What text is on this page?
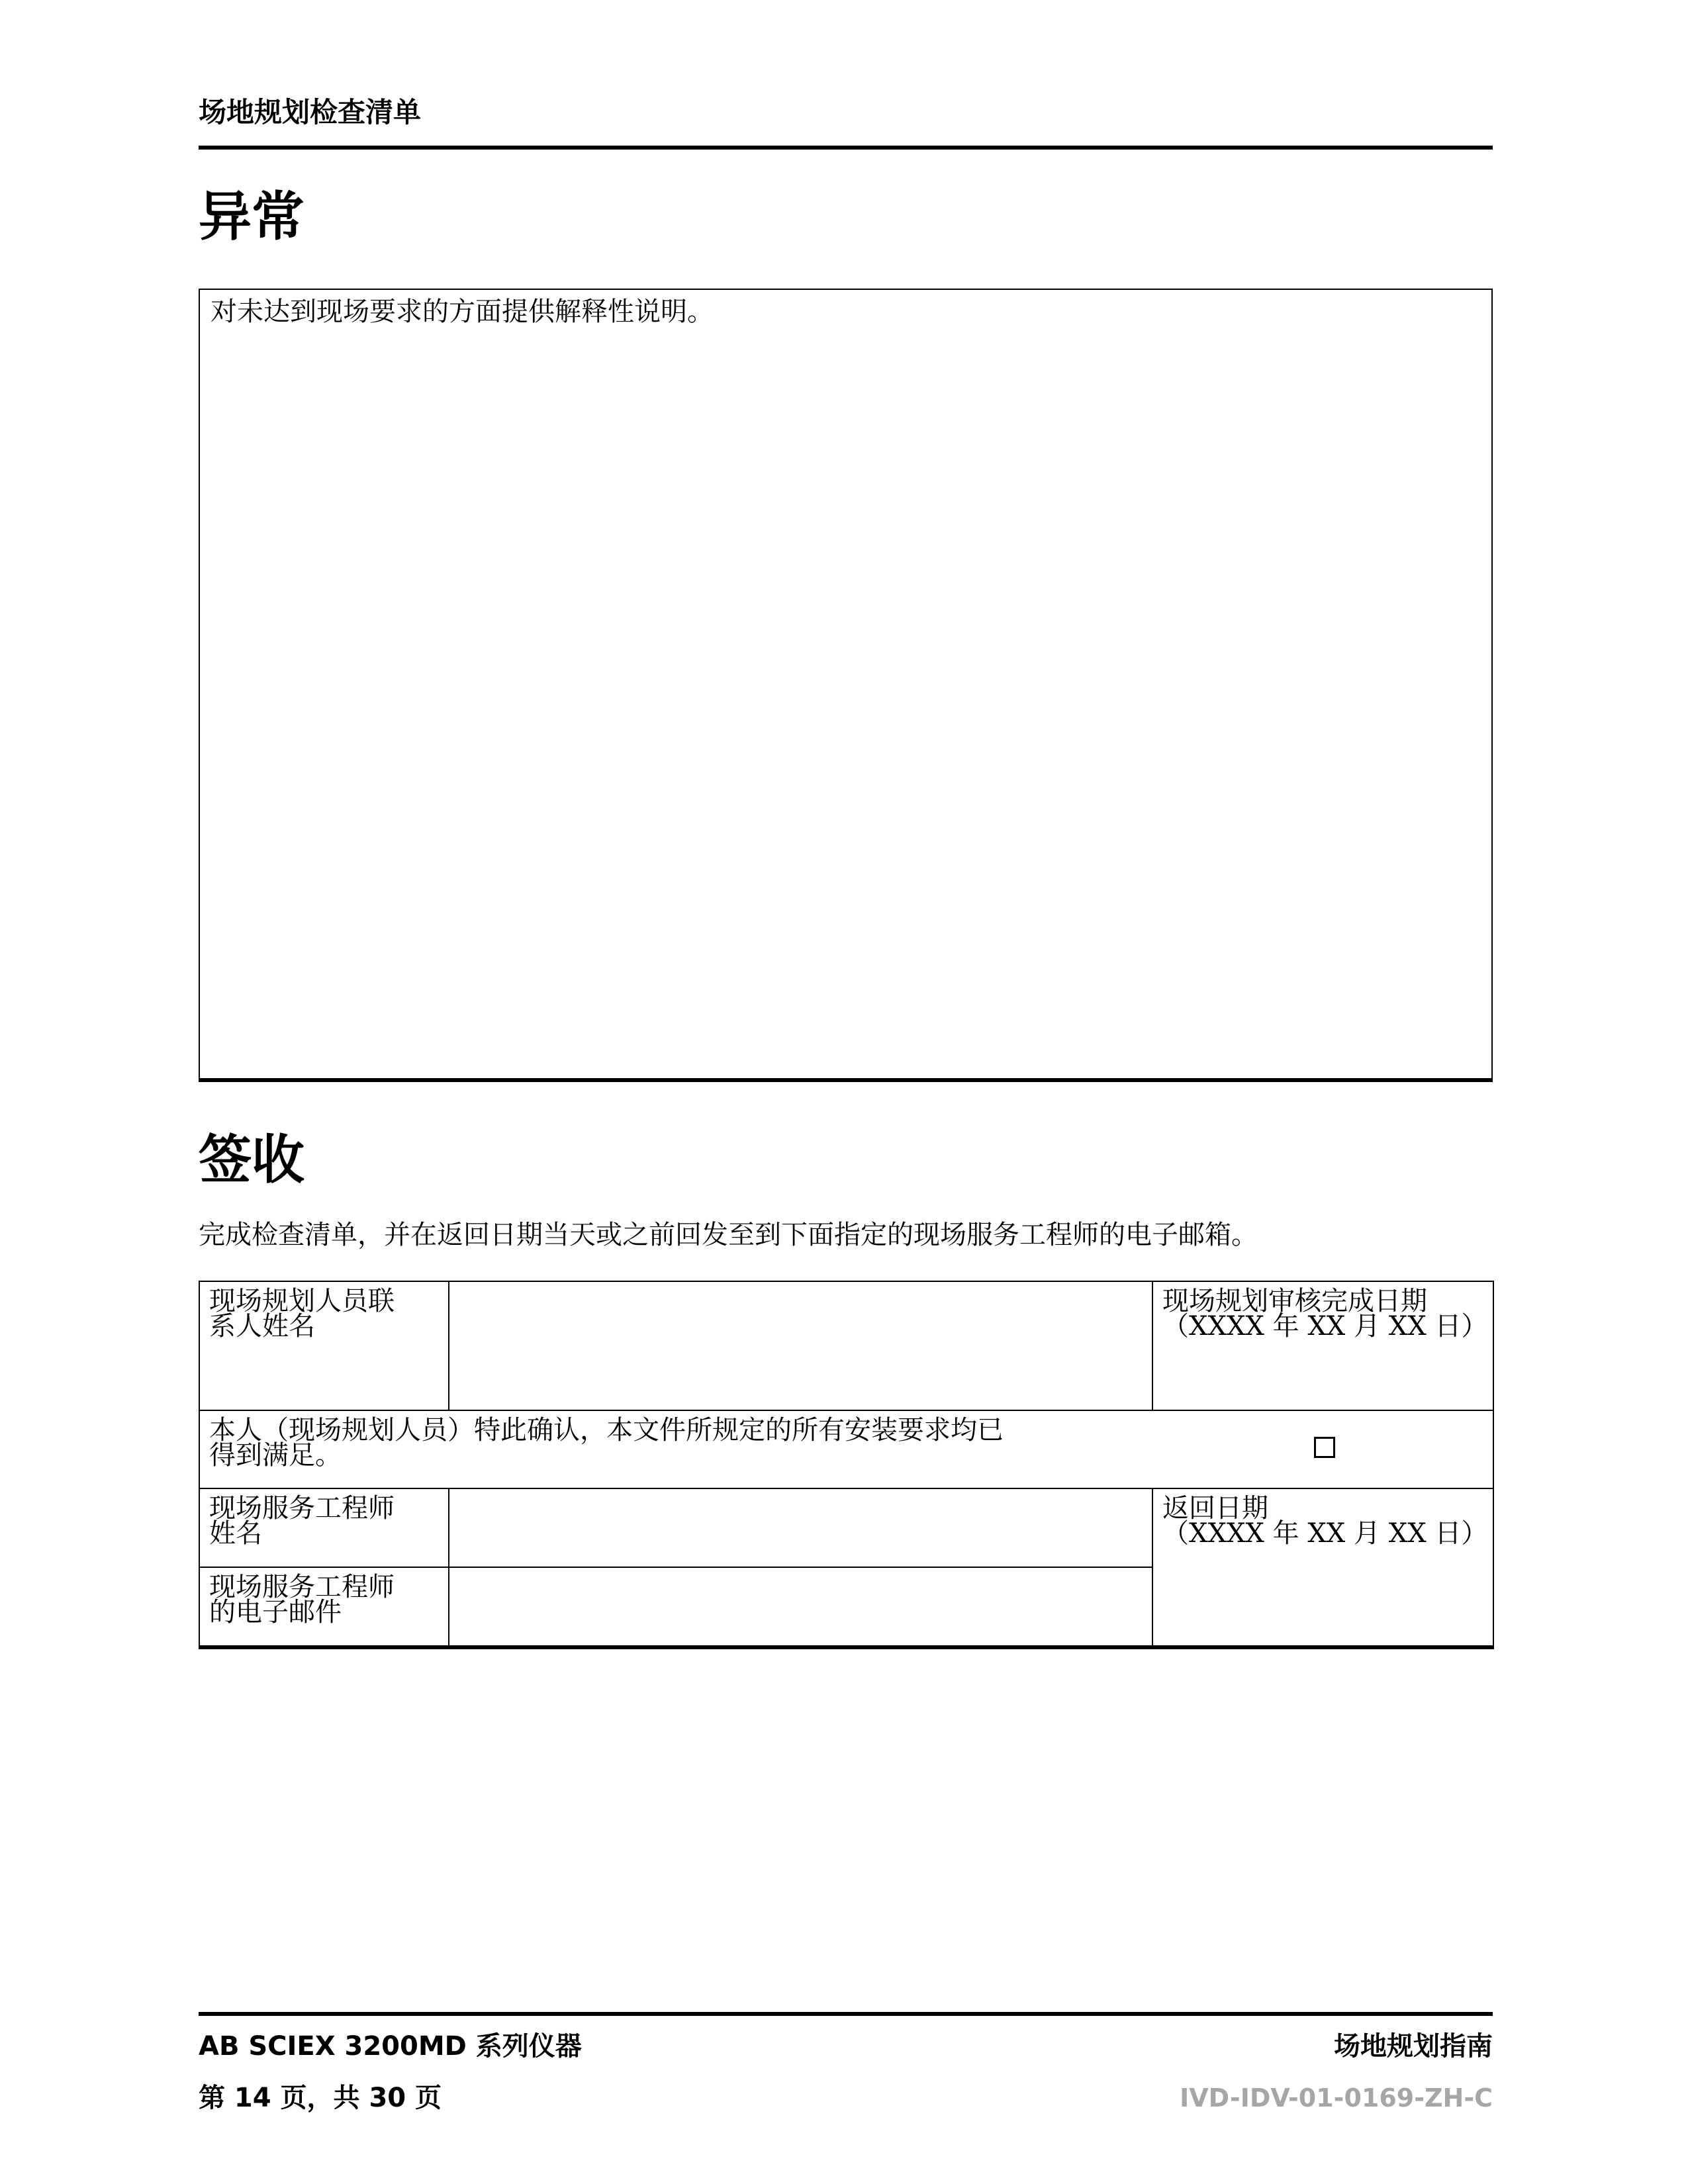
场地规划检查清单
异常
对未达到现场要求的方面提供解释性说明。
签收
完成检查清单，并在返回日期当天或之前回发至到下面指定的现场服务工程师的电子邮箱。
现场规划人员联
系人姓名
现场规划审核完成日期
（XXXX 年 XX 月 XX 日）
本人（现场规划人员）特此确认，本文件所规定的所有安装要求均已
得到满足。
现场服务工程师
姓名
返回日期
（XXXX 年 XX 月 XX 日）
现场服务工程师
的电子邮件
AB SCIEX 3200MD 系列仪器	场地规划指南
第 14 页，共 30 页	IVD-IDV-01-0169-ZH-C
